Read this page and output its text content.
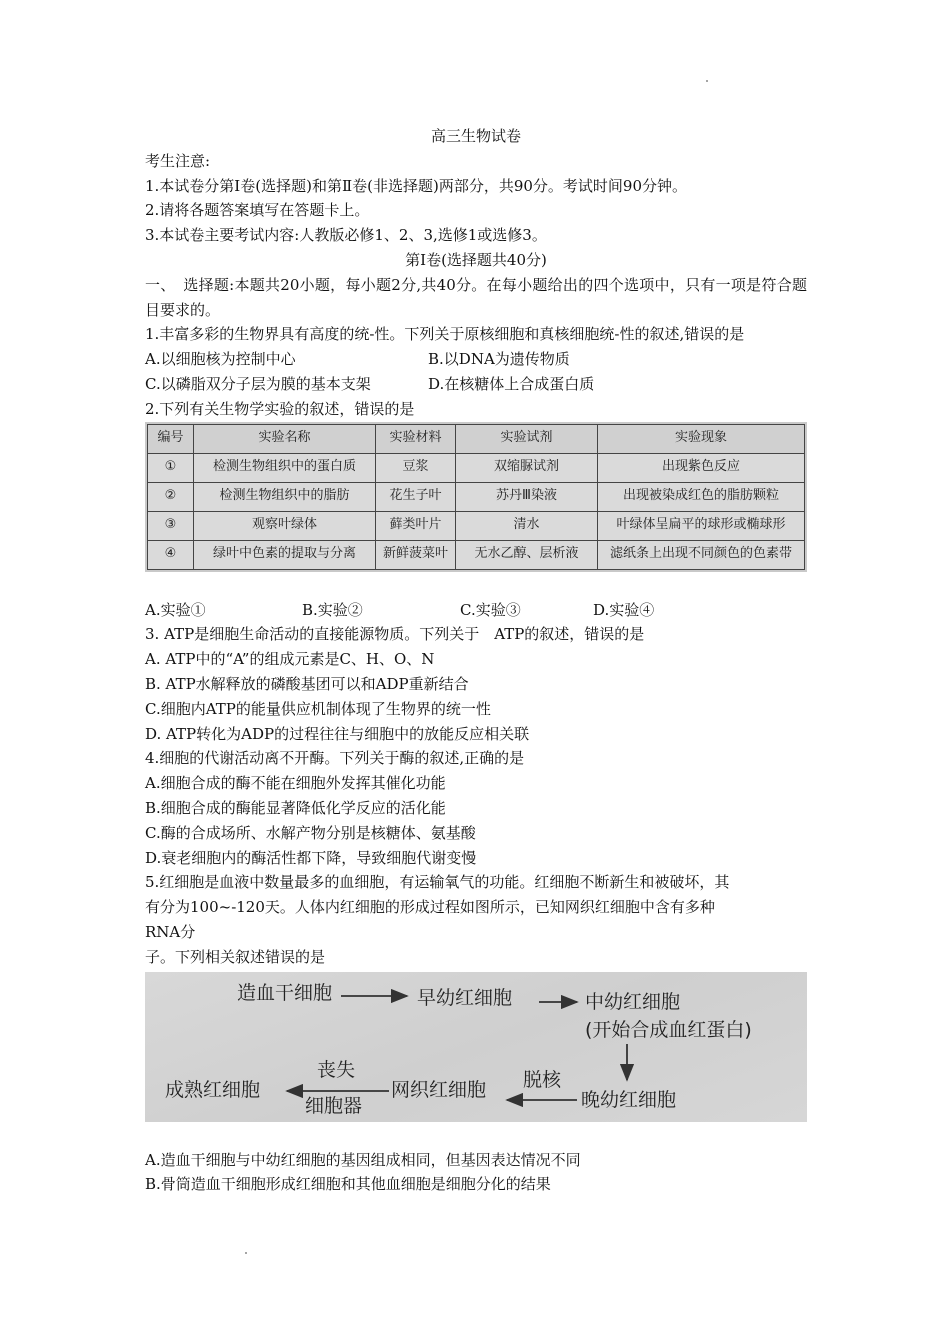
高三生物试卷
考生注意:
1.本试卷分第Ⅰ卷(选择题)和第Ⅱ卷(非选择题)两部分，共90分。考试时间90分钟。
2.请将各题答案填写在答题卡上。
3.本试卷主要考试内容:人教版必修1、2、3,选修1或选修3。
第Ⅰ卷(选择题共40分)
一、　选择题:本题共20小题，每小题2分,共40分。在每小题给出的四个选项中，只有一项是符合题目要求的。
1.丰富多彩的生物界具有高度的统-性。下列关于原核细胞和真核细胞统-性的叙述,错误的是
A.以细胞核为控制中心	B.以DNA为遗传物质
C.以磷脂双分子层为膜的基本支架	D.在核糖体上合成蛋白质
2.下列有关生物学实验的叙述，错误的是
编号	实验名称	实验材料	实验试剂	实验现象
①	检测生物组织中的蛋白质	豆浆	双缩脲试剂	出现紫色反应
②	检测生物组织中的脂肪	花生子叶	苏丹Ⅲ染液	出现被染成红色的脂肪颗粒
③	观察叶绿体	藓类叶片	清水	叶绿体呈扁平的球形或椭球形
④	绿叶中色素的提取与分离	新鲜菠菜叶	无水乙醇、层析液	滤纸条上出现不同颜色的色素带
A.实验①	B.实验②	C.实验③	D.实验④
3. ATP是细胞生命活动的直接能源物质。下列关于　ATP的叙述，错误的是
A. ATP中的“A”的组成元素是C、H、O、N
B. ATP水解释放的磷酸基团可以和ADP重新结合
C.细胞内ATP的能量供应机制体现了生物界的统一性
D. ATP转化为ADP的过程往往与细胞中的放能反应相关联
4.细胞的代谢活动离不开酶。下列关于酶的叙述,正确的是
A.细胞合成的酶不能在细胞外发挥其催化功能
B.细胞合成的酶能显著降低化学反应的活化能
C.酶的合成场所、水解产物分别是核糖体、氨基酸
D.衰老细胞内的酶活性都下降，导致细胞代谢变慢
5.红细胞是血液中数量最多的血细胞，有运输氧气的功能。红细胞不断新生和被破坏，其
有分为100~-120天。人体内红细胞的形成过程如图所示，已知网织红细胞中含有多种
RNA分
子。下列相关叙述错误的是
造血干细胞	早幼红细胞	中幼红细胞
(开始合成血红蛋白)
晚幼红细胞
脱核
网织红细胞
丧失
细胞器
成熟红细胞
A.造血干细胞与中幼红细胞的基因组成相同，但基因表达情况不同
B.骨筒造血干细胞形成红细胞和其他血细胞是细胞分化的结果
